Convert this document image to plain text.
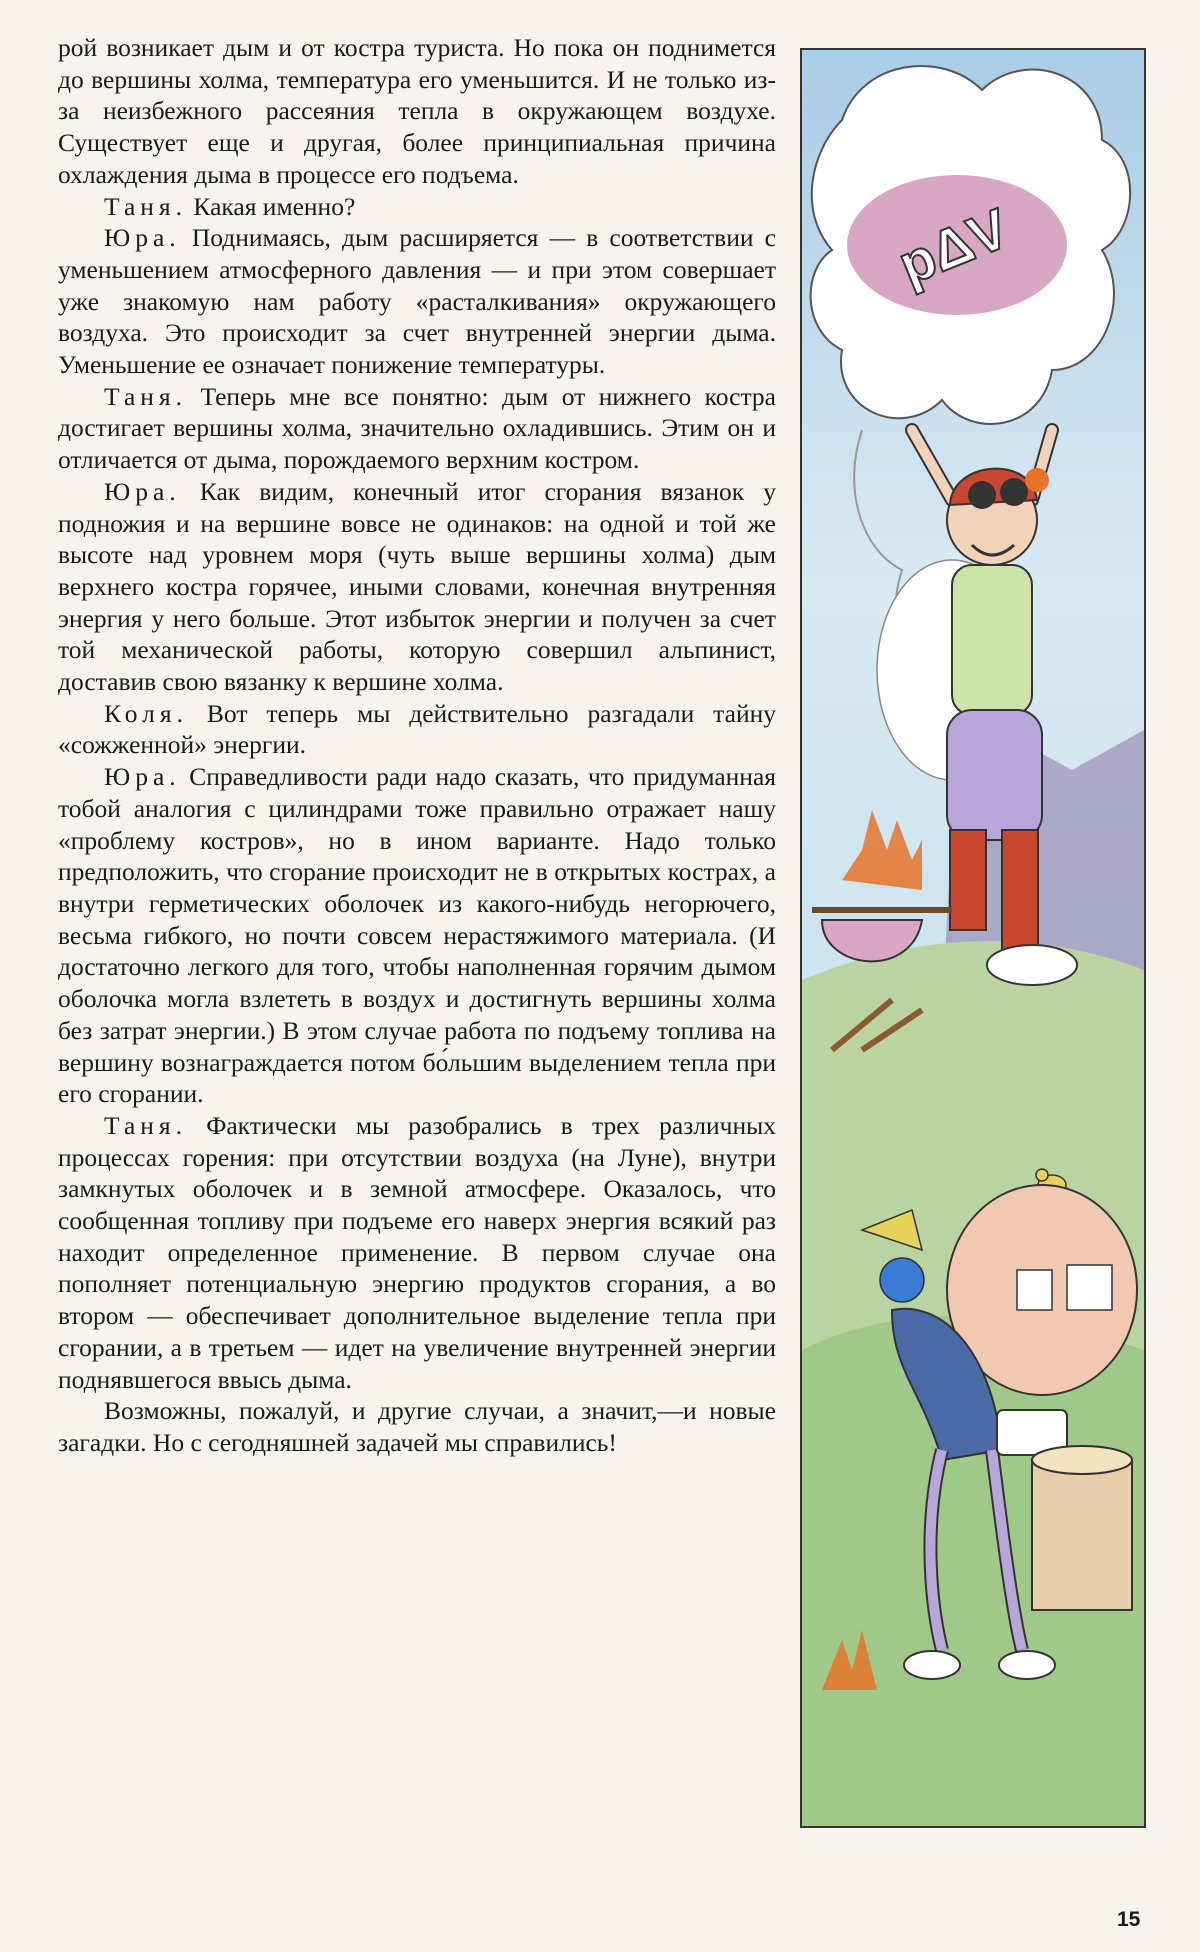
рой возникает дым и от костра туриста. Но пока он поднимется до вершины холма, температура его уменьшится. И не только из-за неизбежного рассеяния тепла в окружающем воздухе. Существует еще и другая, более принципиальная причина охлаждения дыма в процессе его подъема.

Таня. Какая именно?

Юра. Поднимаясь, дым расширяется — в соответствии с уменьшением атмосферного давления — и при этом совершает уже знакомую нам работу «расталкивания» окружающего воздуха. Это происходит за счет внутренней энергии дыма. Уменьшение ее означает понижение температуры.

Таня. Теперь мне все понятно: дым от нижнего костра достигает вершины холма, значительно охладившись. Этим он и отличается от дыма, порождаемого верхним костром.

Юра. Как видим, конечный итог сгорания вязанок у подножия и на вершине вовсе не одинаков: на одной и той же высоте над уровнем моря (чуть выше вершины холма) дым верхнего костра горячее, иными словами, конечная внутренняя энергия у него больше. Этот избыток энергии и получен за счет той механической работы, которую совершил альпинист, доставив свою вязанку к вершине холма.

Коля. Вот теперь мы действительно разгадали тайну «сожженной» энергии.

Юра. Справедливости ради надо сказать, что придуманная тобой аналогия с цилиндрами тоже правильно отражает нашу «проблему костров», но в ином варианте. Надо только предположить, что сгорание происходит не в открытых кострах, а внутри герметических оболочек из какого-нибудь негорючего, весьма гибкого, но почти совсем нерастяжимого материала. (И достаточно легкого для того, чтобы наполненная горячим дымом оболочка могла взлететь в воздух и достигнуть вершины холма без затрат энергии.) В этом случае работа по подъему топлива на вершину вознаграждается потом бо́льшим выделением тепла при его сгорании.

Таня. Фактически мы разобрались в трех различных процессах горения: при отсутствии воздуха (на Луне), внутри замкнутых оболочек и в земной атмосфере. Оказалось, что сообщенная топливу при подъеме его наверх энергия всякий раз находит определенное применение. В первом случае она пополняет потенциальную энергию продуктов сгорания, а во втором — обеспечивает дополнительное выделение тепла при сгорании, а в третьем — идет на увеличение внутренней энергии поднявшегося ввысь дыма.

Возможны, пожалуй, и другие случаи, а значит,—и новые загадки. Но с сегодняшней задачей мы справились!

pΔV
15
